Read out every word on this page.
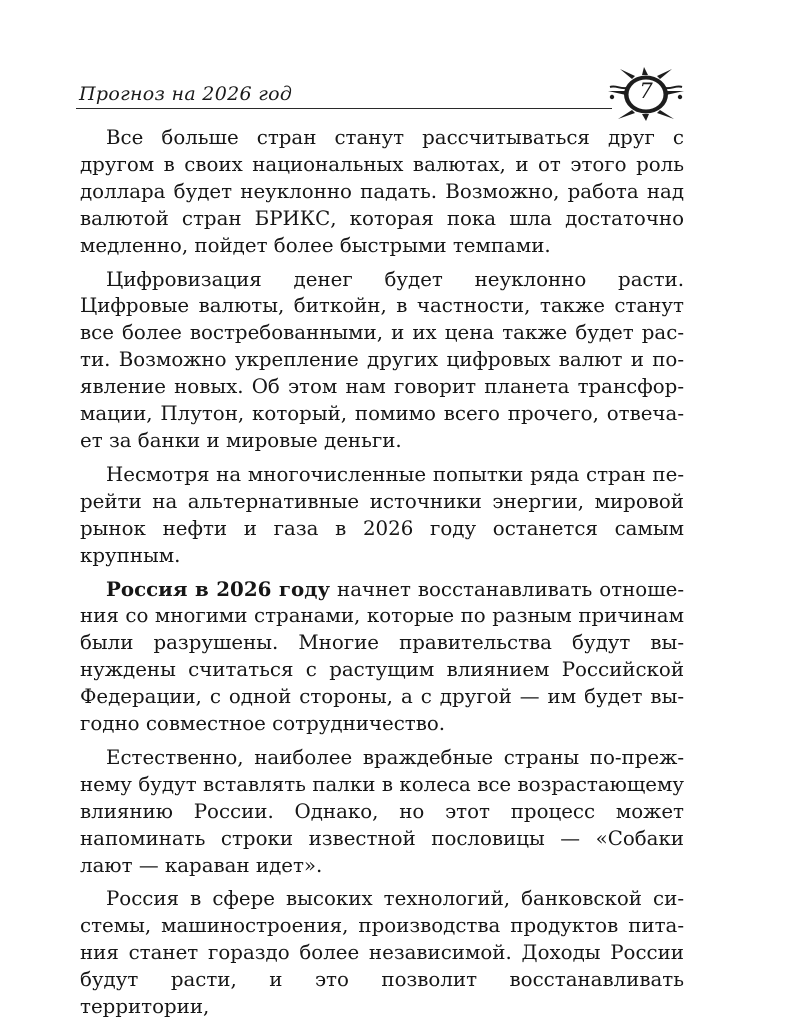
Прогноз на 2026 год	7

Все больше стран станут рассчитываться друг с другом в своих национальных валютах, и от этого роль доллара будет неуклонно падать. Возможно, работа над валютой стран БРИКС, которая пока шла достаточно медленно, пойдет более быстрыми темпами.

Цифровизация денег будет неуклонно расти. Цифровые валюты, биткойн, в частности, также станут все более востребованными, и их цена также будет расти. Возможно укрепление других цифровых валют и появление новых. Об этом нам говорит планета трансформации, Плутон, который, помимо всего прочего, отвечает за банки и мировые деньги.

Несмотря на многочисленные попытки ряда стран перейти на альтернативные источники энергии, мировой рынок нефти и газа в 2026 году останется самым крупным.

Россия в 2026 году начнет восстанавливать отношения со многими странами, которые по разным причинам были разрушены. Многие правительства будут вынуждены считаться с растущим влиянием Российской Федерации, с одной стороны, а с другой — им будет выгодно совместное сотрудничество.

Естественно, наиболее враждебные страны по-прежнему будут вставлять палки в колеса все возрастающему влиянию России. Однако, но этот процесс может напоминать строки известной пословицы — «Собаки лают — караван идет».

Россия в сфере высоких технологий, банковской системы, машиностроения, производства продуктов питания станет гораздо более независимой. Доходы России будут расти, и это позволит восстанавливать территории,
